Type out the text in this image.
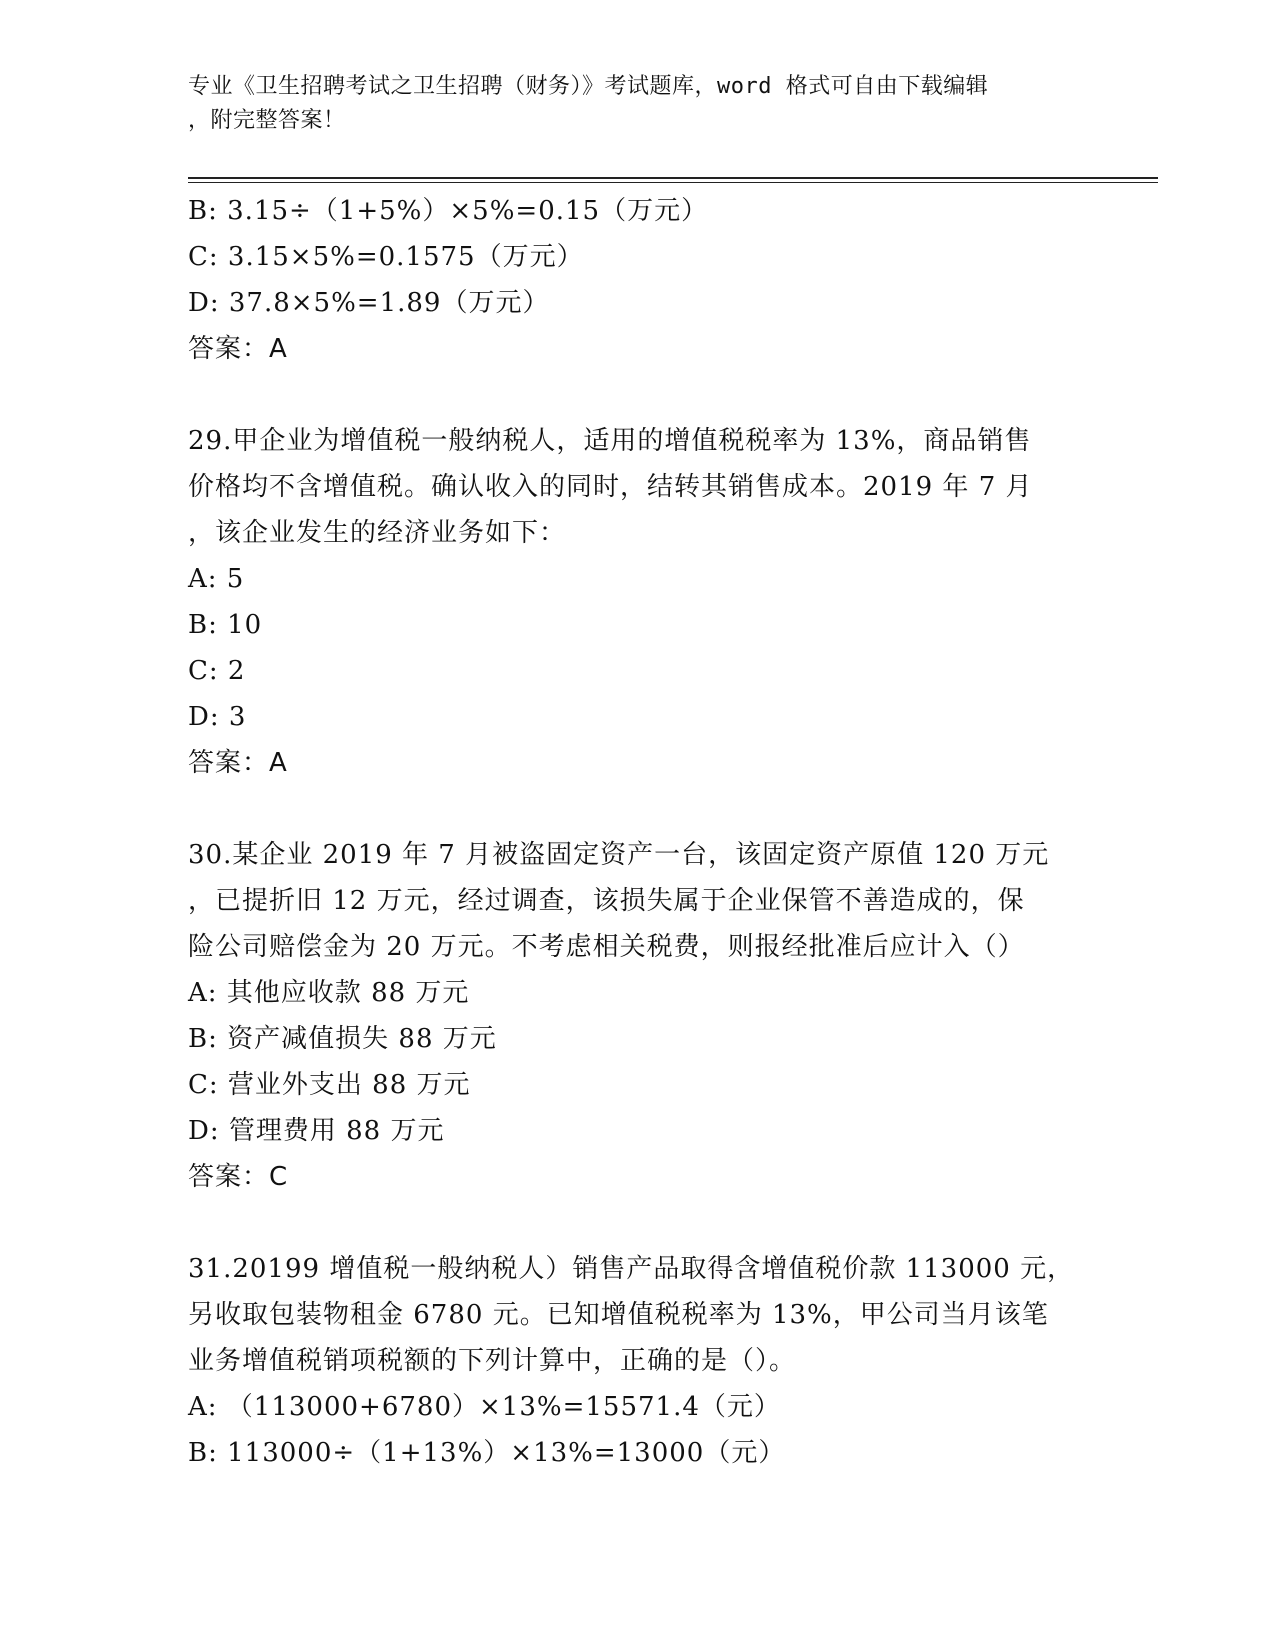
专业《卫生招聘考试之卫生招聘（财务）》考试题库，word 格式可自由下载编辑
，附完整答案！
B: 3.15÷（1+5%）×5%=0.15（万元）
C: 3.15×5%=0.1575（万元）
D: 37.8×5%=1.89（万元）
答案：A
29.甲企业为增值税一般纳税人，适用的增值税税率为 13%，商品销售
价格均不含增值税。确认收入的同时，结转其销售成本。2019 年 7 月
，该企业发生的经济业务如下：
A: 5
B: 10
C: 2
D: 3
答案：A
30.某企业 2019 年 7 月被盗固定资产一台，该固定资产原值 120 万元
，已提折旧 12 万元，经过调查，该损失属于企业保管不善造成的，保
险公司赔偿金为 20 万元。不考虑相关税费，则报经批准后应计入（）
A: 其他应收款 88 万元
B: 资产减值损失 88 万元
C: 营业外支出 88 万元
D: 管理费用 88 万元
答案：C
31.20199 增值税一般纳税人）销售产品取得含增值税价款 113000 元，
另收取包装物租金 6780 元。已知增值税税率为 13%，甲公司当月该笔
业务增值税销项税额的下列计算中，正确的是（）。
A: （113000+6780）×13%=15571.4（元）
B: 113000÷（1+13%）×13%=13000（元）
